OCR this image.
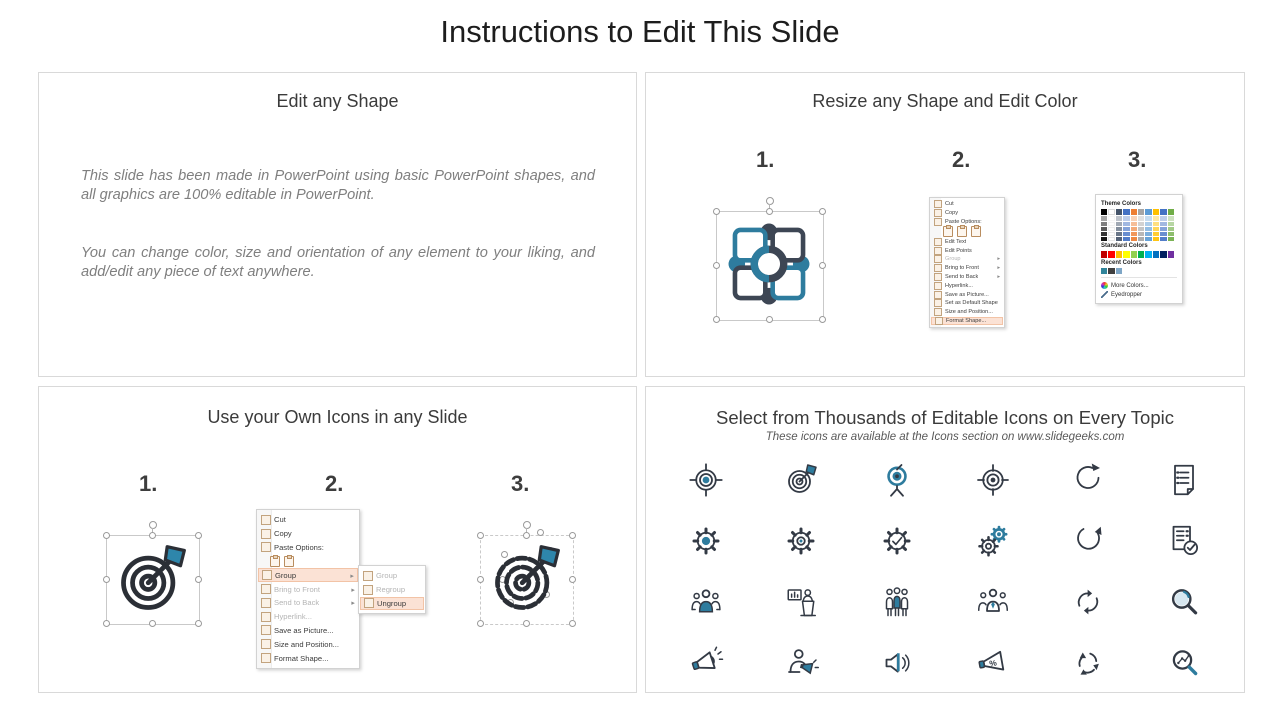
Instructions to Edit This Slide
Edit any Shape
This slide has been made in PowerPoint using basic PowerPoint shapes, and all graphics are 100% editable in PowerPoint.
You can change color, size and orientation of any element to your liking, and add/edit any piece of text anywhere.
Resize any Shape and Edit Color
1.	2.	3.
Cut
Copy
Paste Options:
Edit Text
Edit Points
Group	▸
Bring to Front	▸
Send to Back	▸
Hyperlink...
Save as Picture...
Set as Default Shape
Size and Position...
Format Shape...
Theme Colors
Standard Colors
Recent Colors
More Colors...
Eyedropper
Use your Own Icons in any Slide
1.	2.	3.
Cut
Copy
Paste Options:
Group	▸
Bring to Front	▸
Send to Back	▸
Hyperlink...
Save as Picture...
Size and Position...
Format Shape...
Group
Regroup
Ungroup
Select from Thousands of Editable Icons on Every Topic
These icons are available at the Icons section on www.slidegeeks.com
%
